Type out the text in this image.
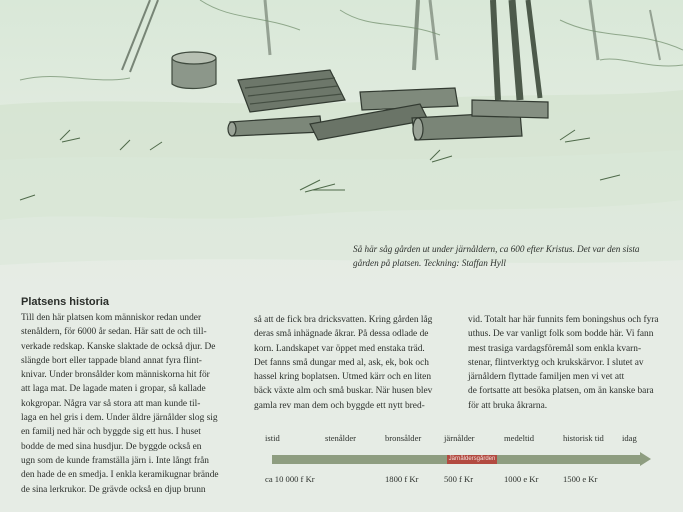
Så här såg gården ut under järnåldern, ca 600 efter Kristus. Det var den sista
gården på platsen. Teckning: Staffan Hyll
Platsens historia
Till den här platsen kom människor redan under
stenåldern, för 6000 år sedan. Här satt de och till-
verkade redskap. Kanske slaktade de också djur. De
slängde bort eller tappade bland annat fyra flint-
knivar. Under bronsålder kom människorna hit för
att laga mat. De lagade maten i gropar, så kallade
kokgropar. Några var så stora att man kunde til-
laga en hel gris i dem. Under äldre järnålder slog sig
en familj ned här och byggde sig ett hus. I huset
bodde de med sina husdjur. De byggde också en
ugn som de kunde framställa järn i. Inte långt från
den hade de en smedja. I enkla keramikugnar brände
de sina lerkrukor. De grävde också en djup brunn
så att de fick bra dricksvatten. Kring gården låg
deras små inhägnade åkrar. På dessa odlade de
korn. Landskapet var öppet med enstaka träd.
Det fanns små dungar med al, ask, ek, bok och
hassel kring boplatsen. Utmed kärr och en liten
bäck växte alm och små buskar. När husen blev
gamla rev man dem och byggde ett nytt bred-
vid. Totalt har här funnits fem boningshus och fyra
uthus. De var vanligt folk som bodde här. Vi fann
mest trasiga vardagsföremål som enkla kvarn-
stenar, flintverktyg och krukskärvor. I slutet av
järnåldern flyttade familjen men vi vet att
de fortsatte att besöka platsen, om än kanske bara
för att bruka åkrarna.
istid	stenålder	bronsålder	järnålder	medeltid	historisk tid idag
Järnåldersgården
ca 10 000 f Kr	1800 f Kr	500 f Kr	1000 e Kr	1500 e Kr
